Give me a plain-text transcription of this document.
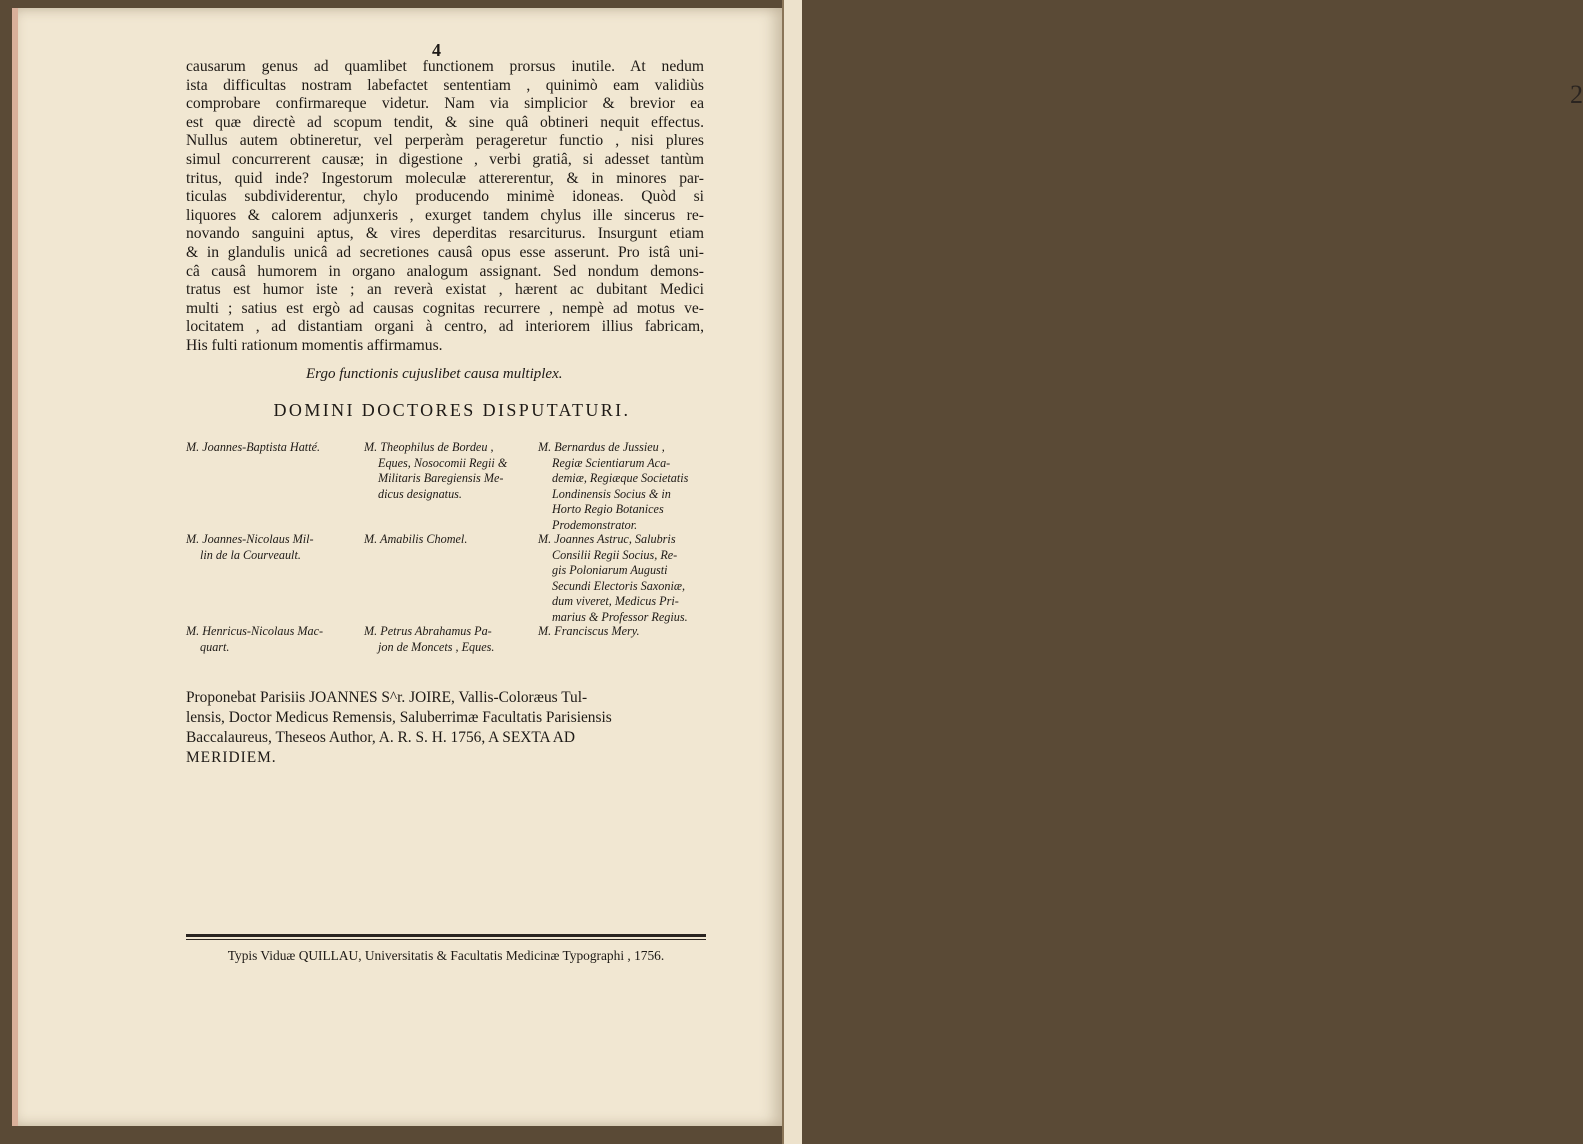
2
4
causarum genus ad quamlibet functionem prorsus inutile. At nedum
ista difficultas nostram labefactet sententiam , quinimò eam validiùs
comprobare confirmareque videtur. Nam via simplicior & brevior ea
est quæ directè ad scopum tendit, & sine quâ obtineri nequit effectus.
Nullus autem obtineretur, vel perperàm perageretur functio , nisi plures
simul concurrerent causæ; in digestione , verbi gratiâ, si adesset tantùm
tritus, quid inde? Ingestorum moleculæ attererentur, & in minores par-
ticulas subdividerentur, chylo producendo minimè idoneas. Quòd si
liquores & calorem adjunxeris , exurget tandem chylus ille sincerus re-
novando sanguini aptus, & vires deperditas resarciturus. Insurgunt etiam
& in glandulis unicâ ad secretiones causâ opus esse asserunt. Pro istâ uni-
câ causâ humorem in organo analogum assignant. Sed nondum demons-
tratus est humor iste ; an reverà existat , hærent ac dubitant Medici
multi ; satius est ergò ad causas cognitas recurrere , nempè ad motus ve-
locitatem , ad distantiam organi à centro, ad interiorem illius fabricam,
His fulti rationum momentis affirmamus.
Ergo functionis cujuslibet causa multiplex.
DOMINI DOCTORES DISPUTATURI.
M. Joannes-Baptista Hatté.	M. Theophilus de Bordeu ,
Eques, Nosocomii Regii &
Militaris Baregiensis Me-
dicus designatus.
M. Bernardus de Jussieu ,
Regiæ Scientiarum Aca-
demiæ, Regiæque Societatis
Londinensis Socius & in
Horto Regio Botanices
Prodemonstrator.
M. Joannes-Nicolaus Mil-
lin de la Courveault.
M. Amabilis Chomel.	M. Joannes Astruc, Salubris
Consilii Regii Socius, Re-
gis Poloniarum Augusti
Secundi Electoris Saxoniæ,
dum viveret, Medicus Pri-
marius & Professor Regius.
M. Henricus-Nicolaus Mac-
quart.
M. Petrus Abrahamus Pa-
jon de Moncets , Eques.
M. Franciscus Mery.
Proponebat Parisiis JOANNES S^r. JOIRE, Vallis-Coloræus Tul-
lensis, Doctor Medicus Remensis, Saluberrimæ Facultatis Parisiensis
Baccalaureus, Theseos Author, A. R. S. H. 1756, A SEXTA AD
MERIDIEM.
Typis Viduæ QUILLAU, Universitatis & Facultatis Medicinæ Typographi , 1756.
